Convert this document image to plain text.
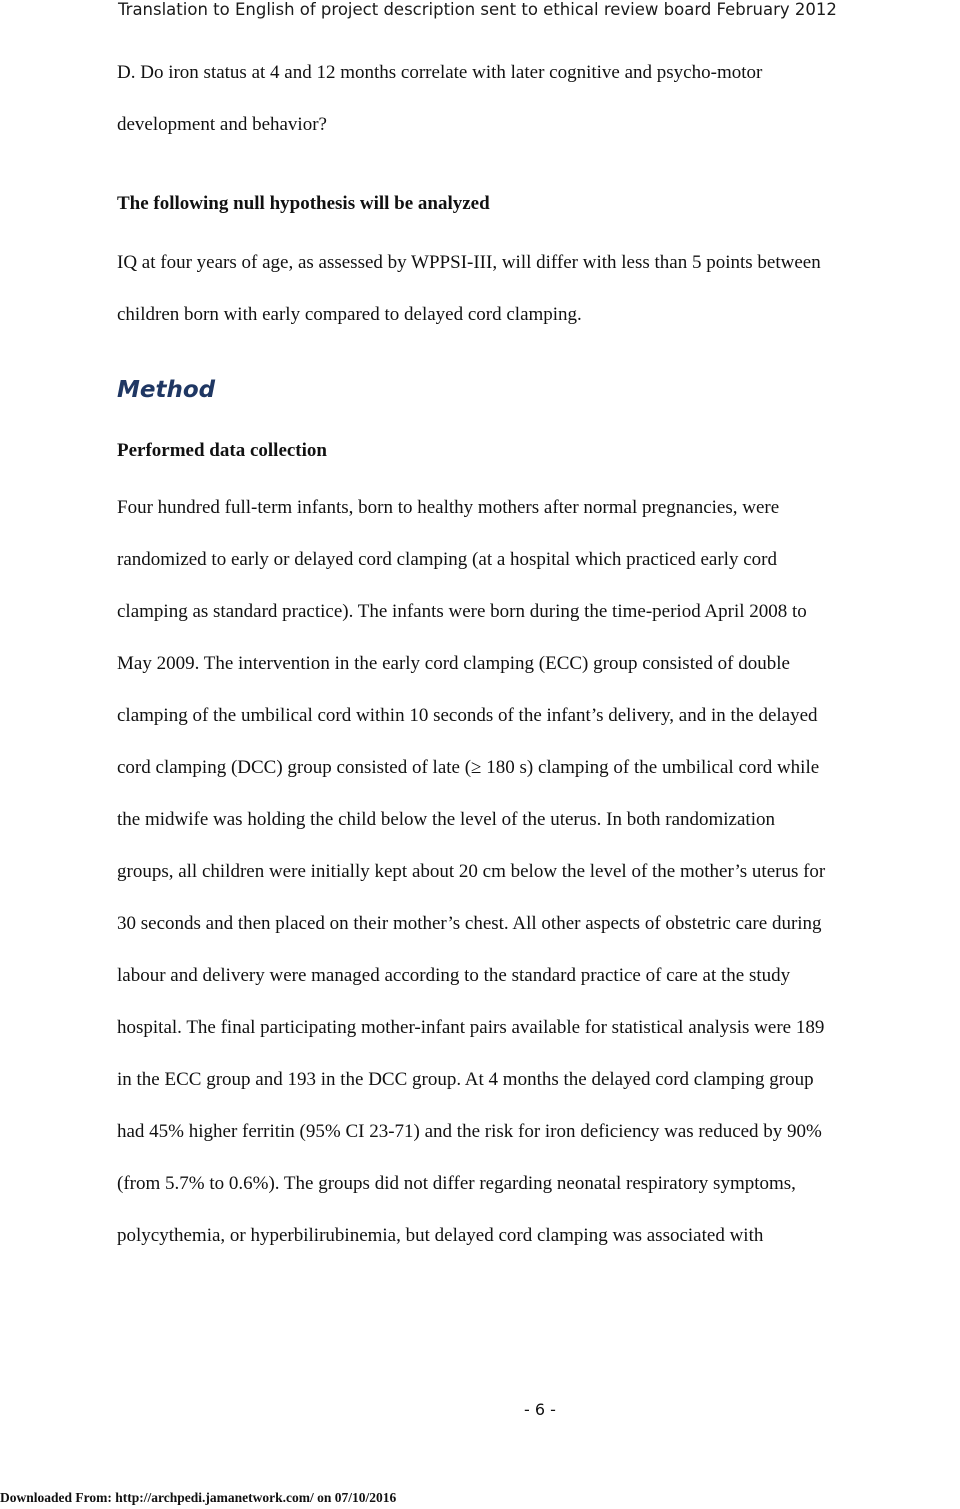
Translation to English of project description sent to ethical review board February 2012
D. Do iron status at 4 and 12 months correlate with later cognitive and psycho-motor
development and behavior?
The following null hypothesis will be analyzed
IQ at four years of age, as assessed by WPPSI-III, will differ with less than 5 points between
children born with early compared to delayed cord clamping.
Method
Performed data collection
Four hundred full-term infants, born to healthy mothers after normal pregnancies, were
randomized to early or delayed cord clamping (at a hospital which practiced early cord
clamping as standard practice). The infants were born during the time-period April 2008 to
May 2009. The intervention in the early cord clamping (ECC) group consisted of double
clamping of the umbilical cord within 10 seconds of the infant’s delivery, and in the delayed
cord clamping (DCC) group consisted of late (≥ 180 s) clamping of the umbilical cord while
the midwife was holding the child below the level of the uterus. In both randomization
groups, all children were initially kept about 20 cm below the level of the mother’s uterus for
30 seconds and then placed on their mother’s chest. All other aspects of obstetric care during
labour and delivery were managed according to the standard practice of care at the study
hospital. The final participating mother-infant pairs available for statistical analysis were 189
in the ECC group and 193 in the DCC group. At 4 months the delayed cord clamping group
had 45% higher ferritin (95% CI 23-71) and the risk for iron deficiency was reduced by 90%
(from 5.7% to 0.6%). The groups did not differ regarding neonatal respiratory symptoms,
polycythemia, or hyperbilirubinemia, but delayed cord clamping was associated with
- 6 -
Downloaded From: http://archpedi.jamanetwork.com/ on 07/10/2016
